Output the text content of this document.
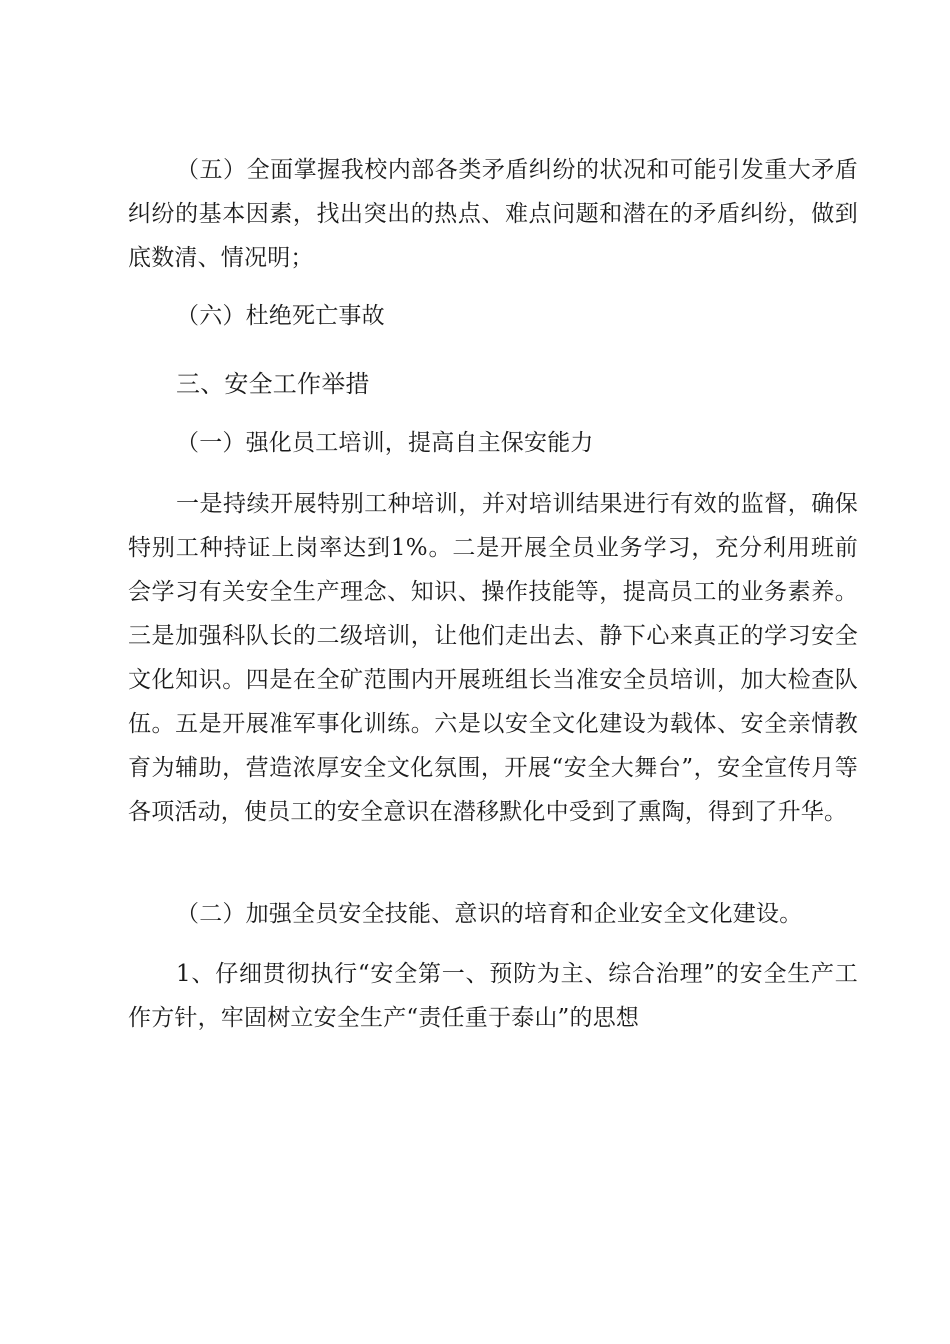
（五）全面掌握我校内部各类矛盾纠纷的状况和可能引发重大矛盾纠纷的基本因素，找出突出的热点、难点问题和潜在的矛盾纠纷，做到底数清、情况明；

（六）杜绝死亡事故

三、安全工作举措

（一）强化员工培训，提高自主保安能力

一是持续开展特别工种培训，并对培训结果进行有效的监督，确保特别工种持证上岗率达到1%。二是开展全员业务学习，充分利用班前会学习有关安全生产理念、知识、操作技能等，提高员工的业务素养。三是加强科队长的二级培训，让他们走出去、静下心来真正的学习安全文化知识。四是在全矿范围内开展班组长当准安全员培训，加大检查队伍。五是开展准军事化训练。六是以安全文化建设为载体、安全亲情教育为辅助，营造浓厚安全文化氛围，开展“安全大舞台”，安全宣传月等各项活动，使员工的安全意识在潜移默化中受到了熏陶，得到了升华。

（二）加强全员安全技能、意识的培育和企业安全文化建设。

1、仔细贯彻执行“安全第一、预防为主、综合治理”的安全生产工作方针，牢固树立安全生产“责任重于泰山”的思想
